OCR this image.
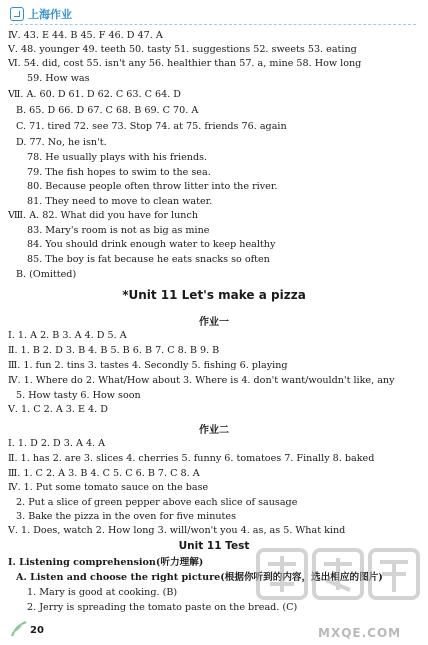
上海作业
Ⅳ. 43. E 44. B 45. F 46. D 47. A
Ⅴ. 48. younger 49. teeth 50. tasty 51. suggestions 52. sweets 53. eating
Ⅵ. 54. did, cost 55. isn't any 56. healthier than 57. a, mine 58. How long
59. How was
Ⅶ. A. 60. D 61. D 62. C 63. C 64. D
B. 65. D 66. D 67. C 68. B 69. C 70. A
C. 71. tired 72. see 73. Stop 74. at 75. friends 76. again
D. 77. No, he isn't.
78. He usually plays with his friends.
79. The fish hopes to swim to the sea.
80. Because people often throw litter into the river.
81. They need to move to clean water.
Ⅷ. A. 82. What did you have for lunch
83. Mary's room is not as big as mine
84. You should drink enough water to keep healthy
85. The boy is fat because he eats snacks so often
B. (Omitted)
*Unit 11 Let's make a pizza
作业一
Ⅰ. 1. A 2. B 3. A 4. D 5. A
Ⅱ. 1. B 2. D 3. B 4. B 5. B 6. B 7. C 8. B 9. B
Ⅲ. 1. fun 2. tins 3. tastes 4. Secondly 5. fishing 6. playing
Ⅳ. 1. Where do 2. What/How about 3. Where is 4. don't want/wouldn't like, any
5. How tasty 6. How soon
Ⅴ. 1. C 2. A 3. E 4. D
作业二
Ⅰ. 1. D 2. D 3. A 4. A
Ⅱ. 1. has 2. are 3. slices 4. cherries 5. funny 6. tomatoes 7. Finally 8. baked
Ⅲ. 1. C 2. A 3. B 4. C 5. C 6. B 7. C 8. A
Ⅳ. 1. Put some tomato sauce on the base
2. Put a slice of green pepper above each slice of sausage
3. Bake the pizza in the oven for five minutes
Ⅴ. 1. Does, watch 2. How long 3. will/won't you 4. as, as 5. What kind
Unit 11 Test
Ⅰ. Listening comprehension(听力理解)
A. Listen and choose the right picture(根据你听到的内容，选出相应的图片)
1. Mary is good at cooking. (B)
2. Jerry is spreading the tomato paste on the bread. (C)
MXQE.COM
20
